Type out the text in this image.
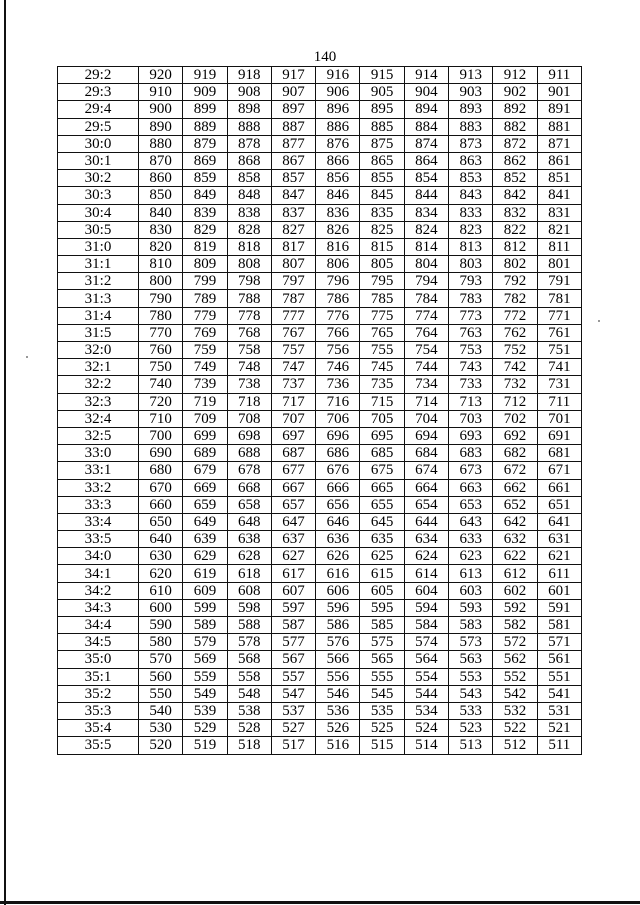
140
29:2	920	919	918	917	916	915	914	913	912	911
29:3	910	909	908	907	906	905	904	903	902	901
29:4	900	899	898	897	896	895	894	893	892	891
29:5	890	889	888	887	886	885	884	883	882	881
30:0	880	879	878	877	876	875	874	873	872	871
30:1	870	869	868	867	866	865	864	863	862	861
30:2	860	859	858	857	856	855	854	853	852	851
30:3	850	849	848	847	846	845	844	843	842	841
30:4	840	839	838	837	836	835	834	833	832	831
30:5	830	829	828	827	826	825	824	823	822	821
31:0	820	819	818	817	816	815	814	813	812	811
31:1	810	809	808	807	806	805	804	803	802	801
31:2	800	799	798	797	796	795	794	793	792	791
31:3	790	789	788	787	786	785	784	783	782	781
31:4	780	779	778	777	776	775	774	773	772	771
31:5	770	769	768	767	766	765	764	763	762	761
32:0	760	759	758	757	756	755	754	753	752	751
32:1	750	749	748	747	746	745	744	743	742	741
32:2	740	739	738	737	736	735	734	733	732	731
32:3	720	719	718	717	716	715	714	713	712	711
32:4	710	709	708	707	706	705	704	703	702	701
32:5	700	699	698	697	696	695	694	693	692	691
33:0	690	689	688	687	686	685	684	683	682	681
33:1	680	679	678	677	676	675	674	673	672	671
33:2	670	669	668	667	666	665	664	663	662	661
33:3	660	659	658	657	656	655	654	653	652	651
33:4	650	649	648	647	646	645	644	643	642	641
33:5	640	639	638	637	636	635	634	633	632	631
34:0	630	629	628	627	626	625	624	623	622	621
34:1	620	619	618	617	616	615	614	613	612	611
34:2	610	609	608	607	606	605	604	603	602	601
34:3	600	599	598	597	596	595	594	593	592	591
34:4	590	589	588	587	586	585	584	583	582	581
34:5	580	579	578	577	576	575	574	573	572	571
35:0	570	569	568	567	566	565	564	563	562	561
35:1	560	559	558	557	556	555	554	553	552	551
35:2	550	549	548	547	546	545	544	543	542	541
35:3	540	539	538	537	536	535	534	533	532	531
35:4	530	529	528	527	526	525	524	523	522	521
35:5	520	519	518	517	516	515	514	513	512	511
